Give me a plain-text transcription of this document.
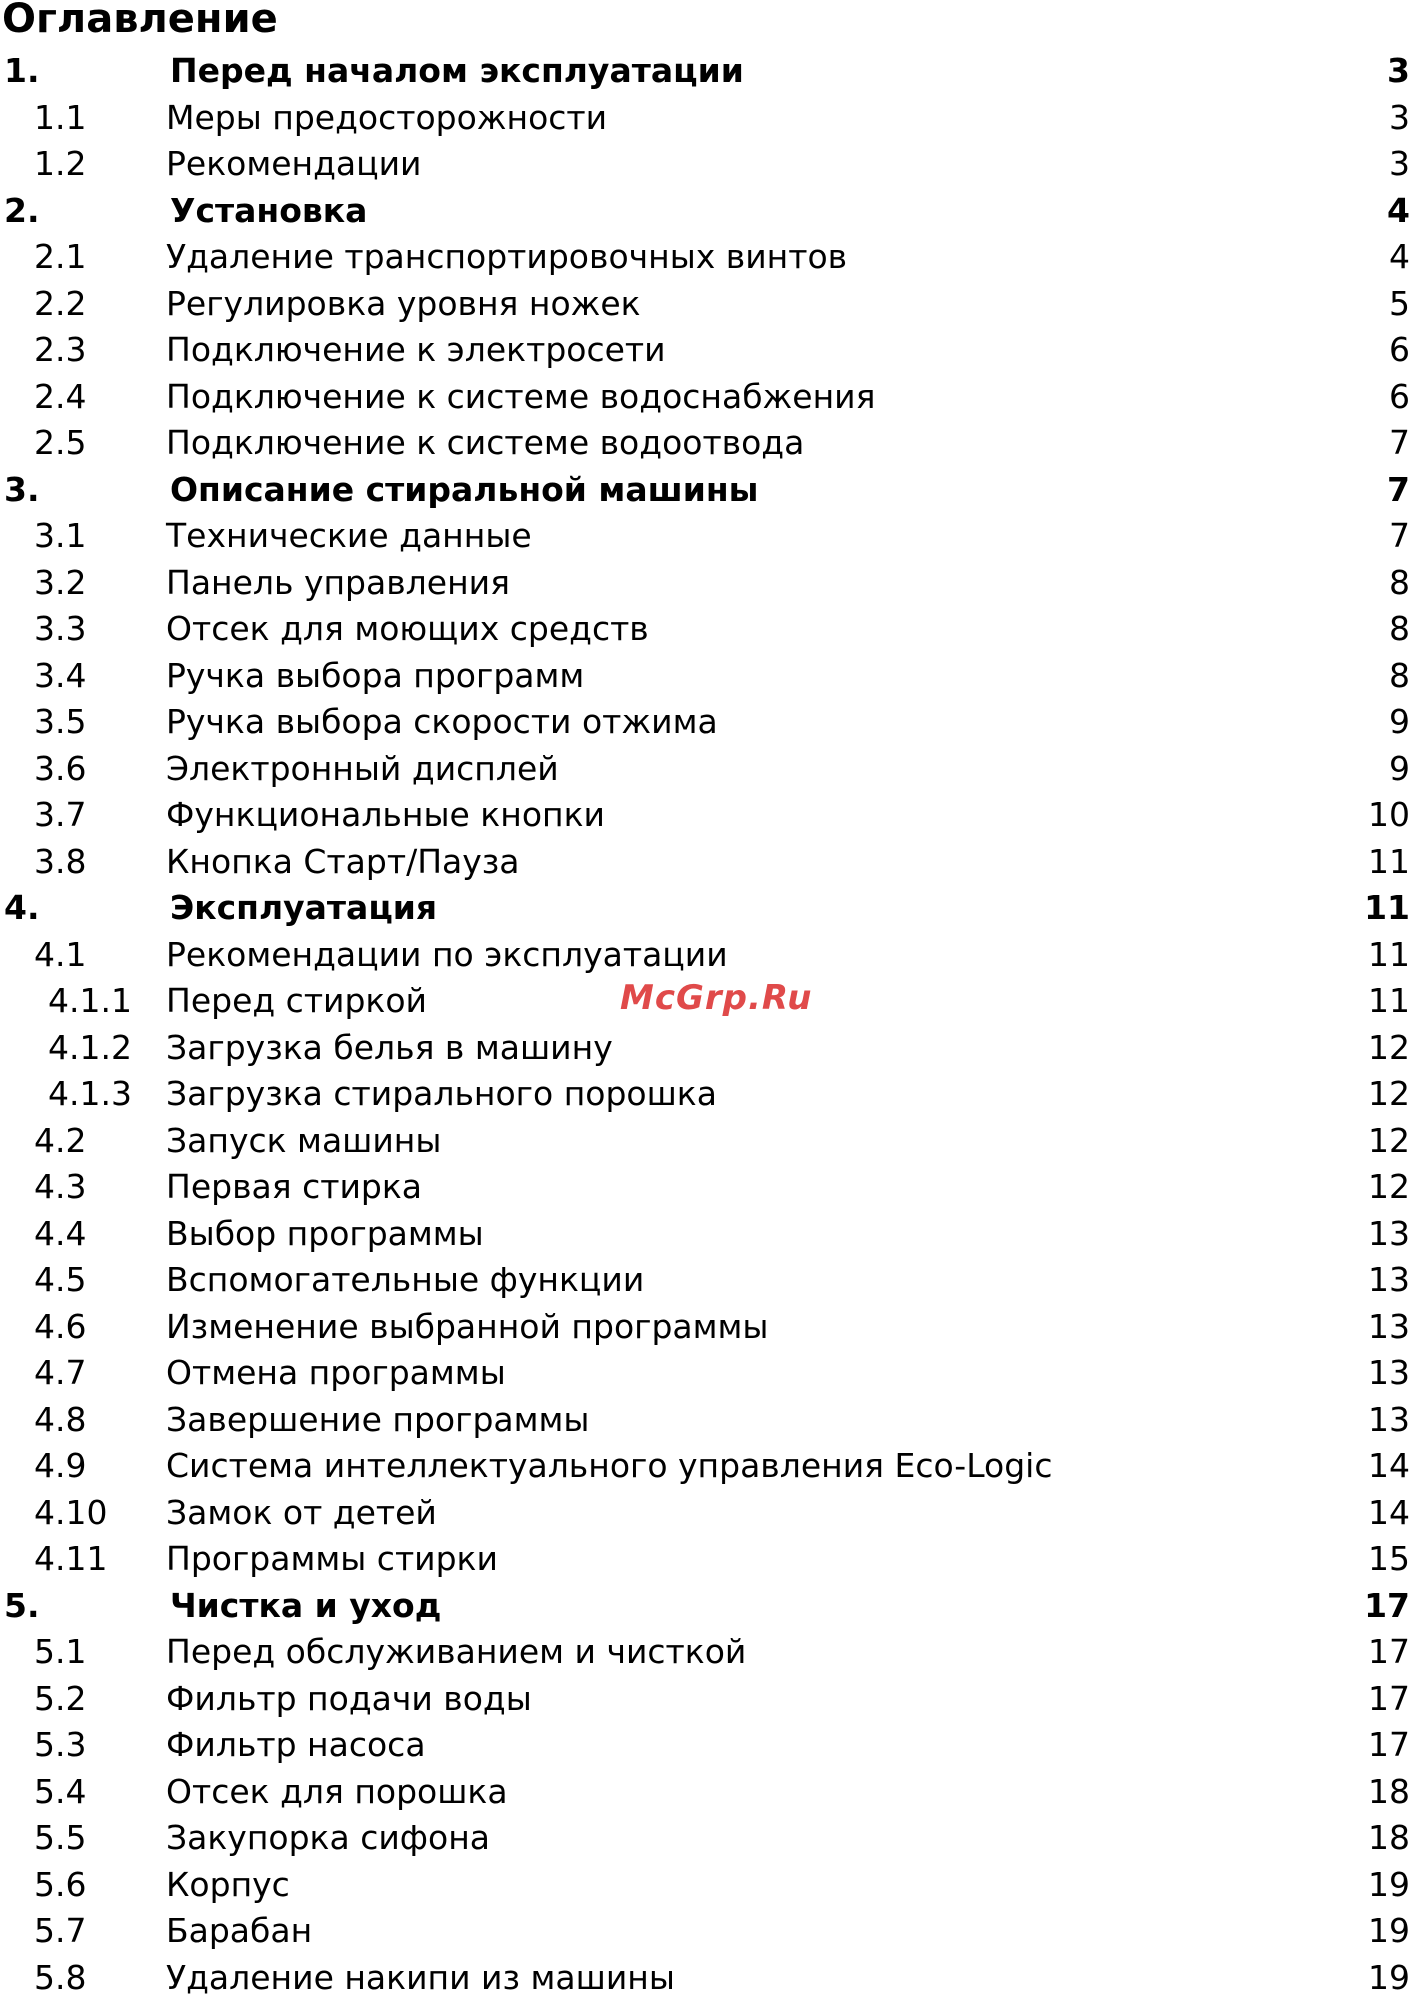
Оглавление
1.	Перед началом эксплуатации	3
1.1	Меры предосторожности	3
1.2	Рекомендации	3
2.	Установка	4
2.1	Удаление транспортировочных винтов	4
2.2	Регулировка уровня ножек	5
2.3	Подключение к электросети	6
2.4	Подключение к системе водоснабжения	6
2.5	Подключение к системе водоотвода	7
3.	Описание стиральной машины	7
3.1	Технические данные	7
3.2	Панель управления	8
3.3	Отсек для моющих средств	8
3.4	Ручка выбора программ	8
3.5	Ручка выбора скорости отжима	9
3.6	Электронный дисплей	9
3.7	Функциональные кнопки	10
3.8	Кнопка Старт/Пауза	11
4.	Эксплуатация	11
4.1	Рекомендации по эксплуатации	11
4.1.1	Перед стиркой	11
4.1.2	Загрузка белья в машину	12
4.1.3	Загрузка стирального порошка	12
4.2	Запуск машины	12
4.3	Первая стирка	12
4.4	Выбор программы	13
4.5	Вспомогательные функции	13
4.6	Изменение выбранной программы	13
4.7	Отмена программы	13
4.8	Завершение программы	13
4.9	Система интеллектуального управления Eco-Logic	14
4.10	Замок от детей	14
4.11	Программы стирки	15
5.	Чистка и уход	17
5.1	Перед обслуживанием и чисткой	17
5.2	Фильтр подачи воды	17
5.3	Фильтр насоса	17
5.4	Отсек для порошка	18
5.5	Закупорка сифона	18
5.6	Корпус	19
5.7	Барабан	19
5.8	Удаление накипи из машины	19
McGrp.Ru
